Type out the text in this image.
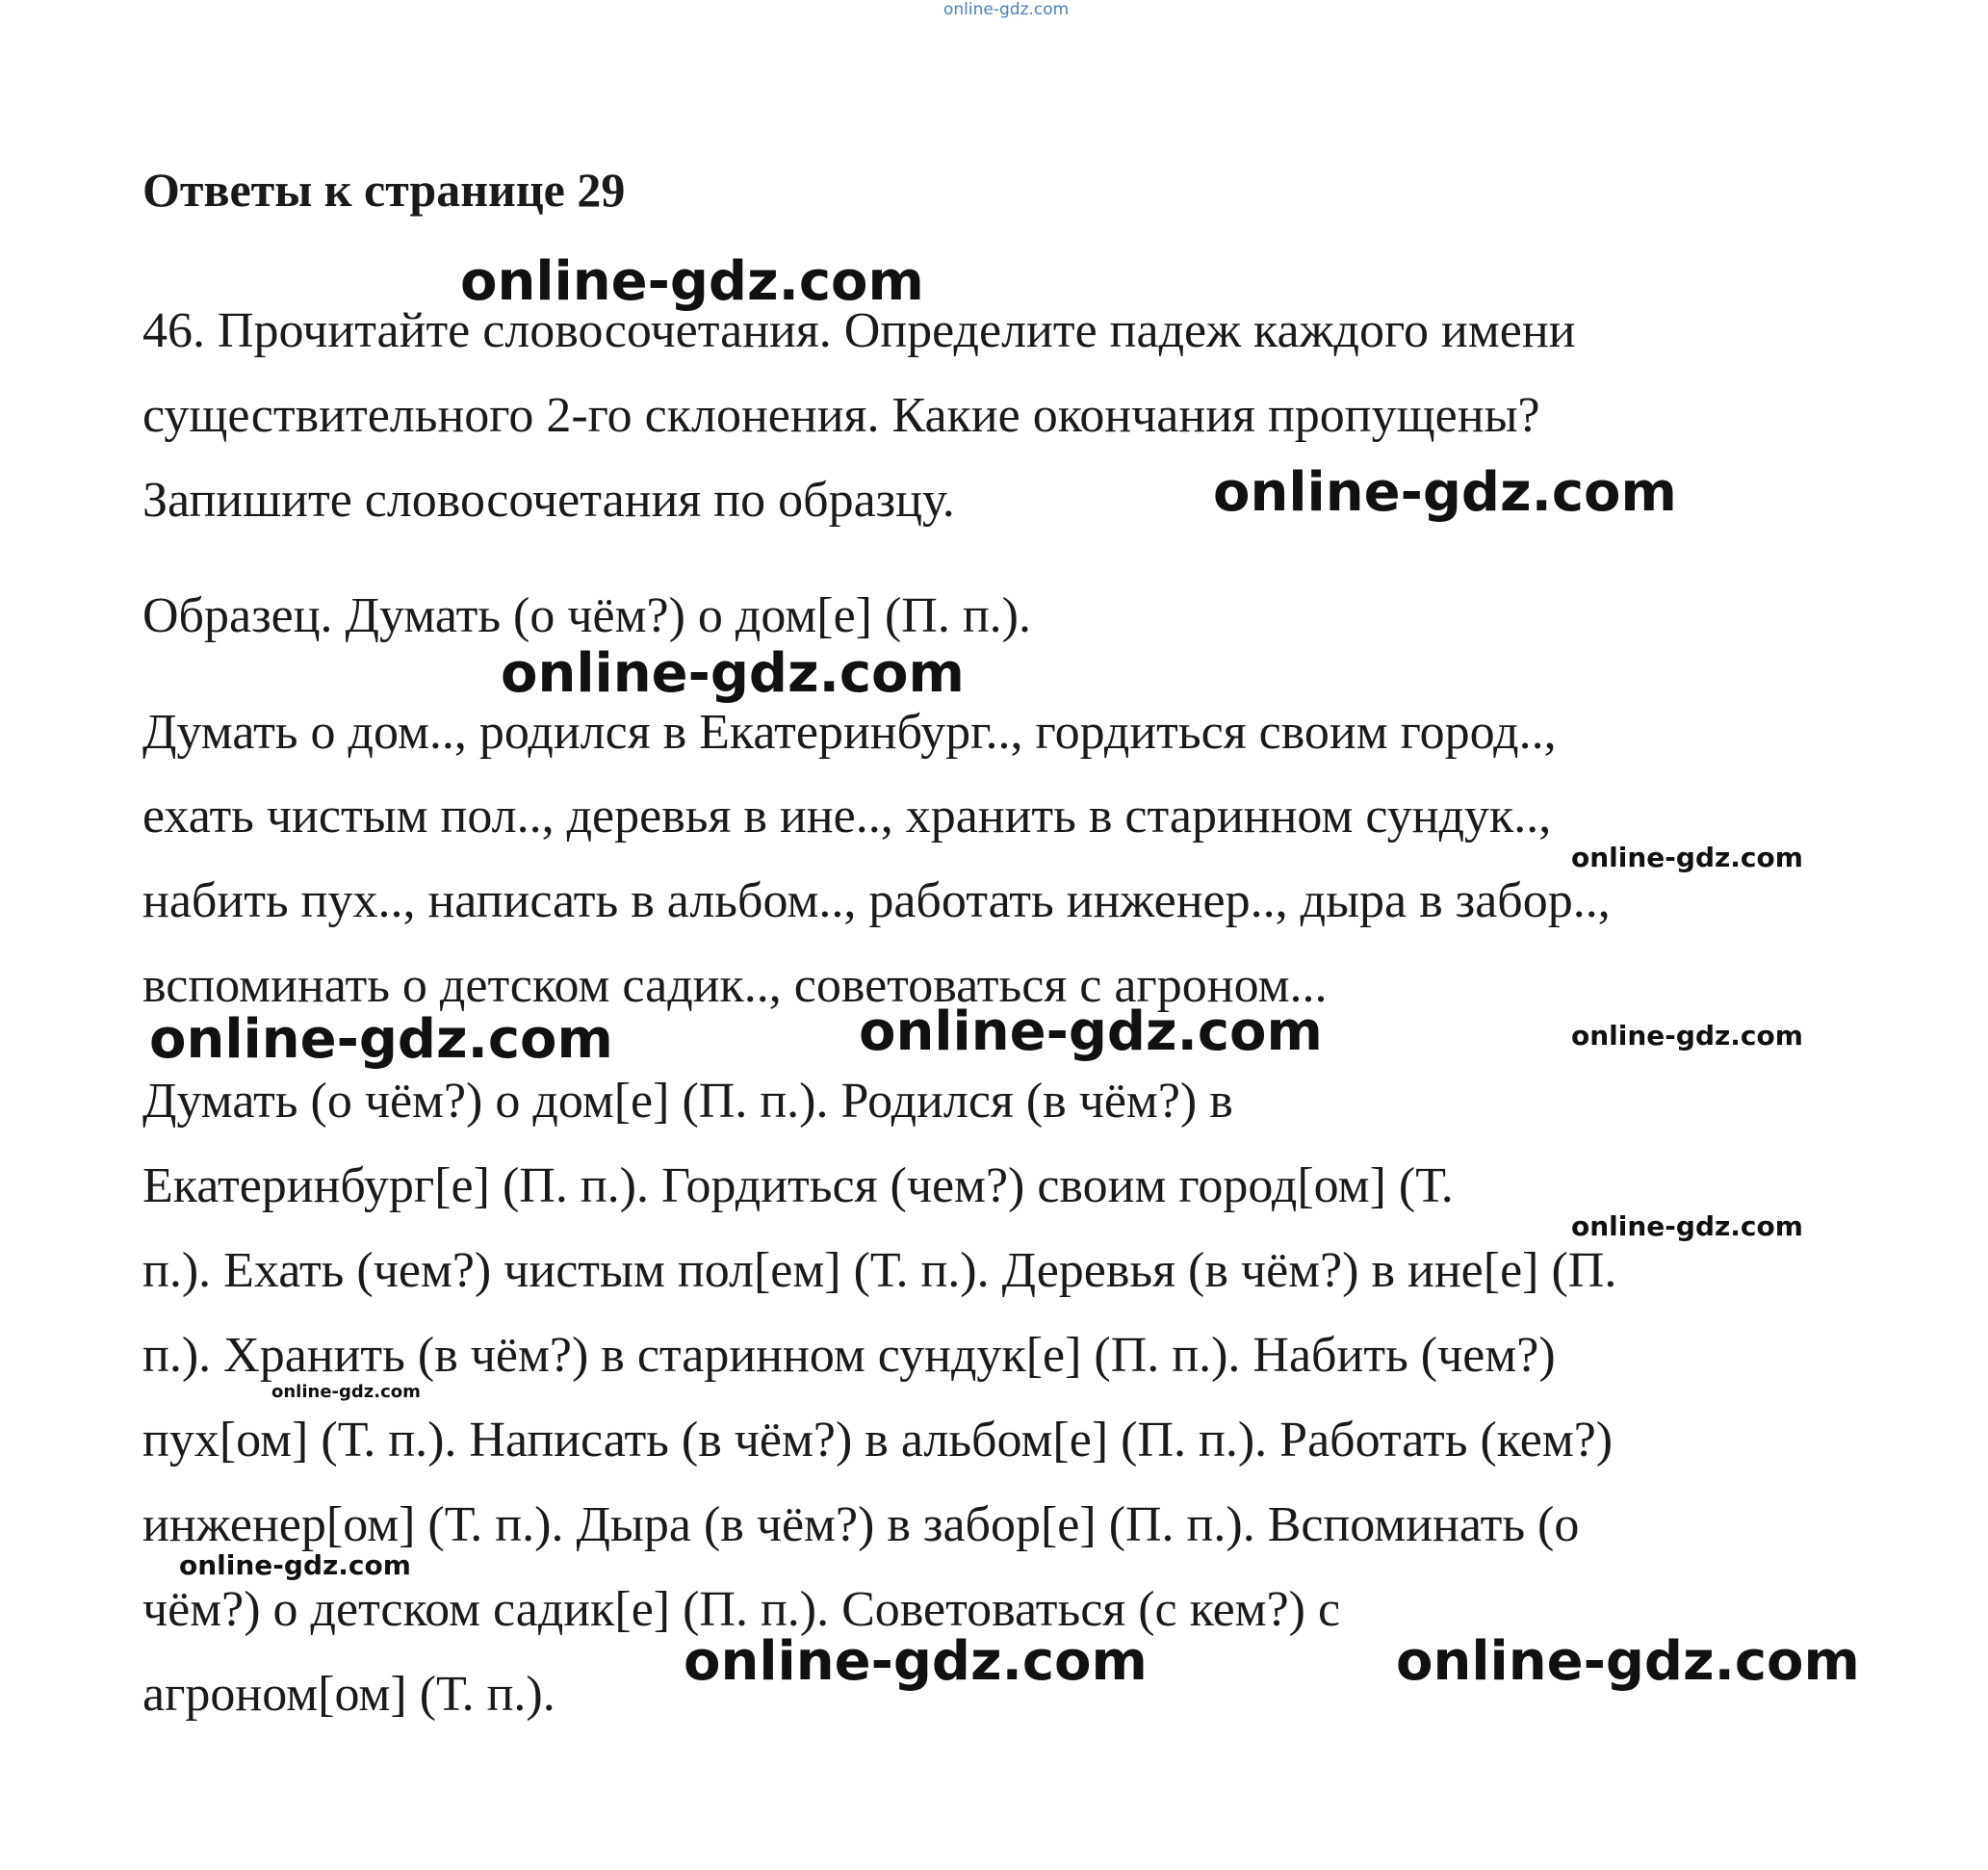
online-gdz.com
Ответы к странице 29

46. Прочитайте словосочетания. Определите падеж каждого имени

существительного 2-го склонения. Какие окончания пропущены?

Запишите словосочетания по образцу.

Образец. Думать (о чём?) о дом[е] (П. п.).

Думать о дом.., родился в Екатеринбург.., гордиться своим город..,

ехать чистым пол.., деревья в ине.., хранить в старинном сундук..,

набить пух.., написать в альбом.., работать инженер.., дыра в забор..,

вспоминать о детском садик.., советоваться с агроном...

Думать (о чём?) о дом[е] (П. п.). Родился (в чём?) в

Екатеринбург[е] (П. п.). Гордиться (чем?) своим город[ом] (Т.

п.). Ехать (чем?) чистым пол[ем] (Т. п.). Деревья (в чём?) в ине[е] (П.

п.). Хранить (в чём?) в старинном сундук[е] (П. п.). Набить (чем?)

пух[ом] (Т. п.). Написать (в чём?) в альбом[е] (П. п.). Работать (кем?)

инженер[ом] (Т. п.). Дыра (в чём?) в забор[е] (П. п.). Вспоминать (о

чём?) о детском садик[е] (П. п.). Советоваться (с кем?) с

агроном[ом] (Т. п.).

online-gdz.com
online-gdz.com
online-gdz.com
online-gdz.com
online-gdz.com	online-gdz.com	online-gdz.com
online-gdz.com
online-gdz.com
online-gdz.com
online-gdz.com	online-gdz.com
